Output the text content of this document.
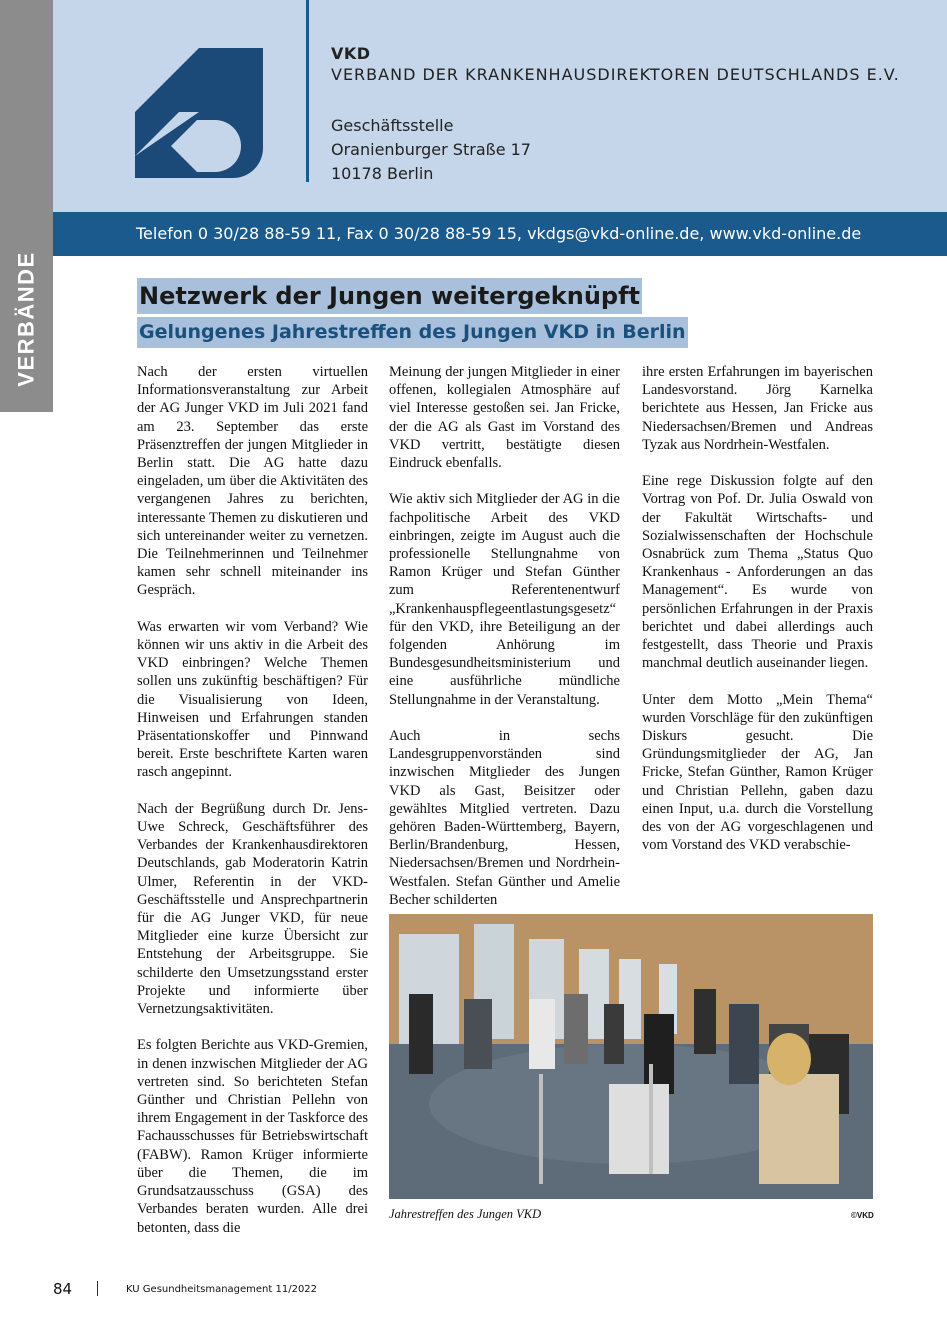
VERBÄNDE
VKD
VERBAND DER KRANKENHAUSDIREKTOREN DEUTSCHLANDS E.V.
Geschäftsstelle
Oranienburger Straße 17
10178 Berlin
Telefon 0 30/28 88-59 11, Fax 0 30/28 88-59 15, vkdgs@vkd-online.de, www.vkd-online.de
Netzwerk der Jungen weitergeknüpft
Gelungenes Jahrestreffen des Jungen VKD in Berlin

Nach der ersten virtuellen Informationsveranstaltung zur Arbeit der AG Junger VKD im Juli 2021 fand am 23. September das erste Präsenztreffen der jungen Mitglieder in Berlin statt. Die AG hatte dazu eingeladen, um über die Aktivitäten des vergangenen Jahres zu berichten, interessante Themen zu diskutieren und sich untereinander weiter zu vernetzen. Die Teilnehmerinnen und Teilnehmer kamen sehr schnell miteinander ins Gespräch.

Was erwarten wir vom Verband? Wie können wir uns aktiv in die Arbeit des VKD einbringen? Welche Themen sollen uns zukünftig beschäftigen? Für die Visualisierung von Ideen, Hinweisen und Erfahrungen standen Präsentationskoffer und Pinnwand bereit. Erste beschriftete Karten waren rasch angepinnt.

Nach der Begrüßung durch Dr. Jens-Uwe Schreck, Geschäftsführer des Verbandes der Krankenhausdirektoren Deutschlands, gab Moderatorin Katrin Ulmer, Referentin in der VKD-Geschäftsstelle und Ansprechpartnerin für die AG Junger VKD, für neue Mitglieder eine kurze Übersicht zur Entstehung der Arbeitsgruppe. Sie schilderte den Umsetzungsstand erster Projekte und informierte über Vernetzungsaktivitäten.

Es folgten Berichte aus VKD-Gremien, in denen inzwischen Mitglieder der AG vertreten sind. So berichteten Stefan Günther und Christian Pellehn von ihrem Engagement in der Taskforce des Fachausschusses für Betriebswirtschaft (FABW). Ramon Krüger informierte über die Themen, die im Grundsatzausschuss (GSA) des Verbandes beraten wurden. Alle drei betonten, dass die

Meinung der jungen Mitglieder in einer offenen, kollegialen Atmosphäre auf viel Interesse gestoßen sei. Jan Fricke, der die AG als Gast im Vorstand des VKD vertritt, bestätigte diesen Eindruck ebenfalls.

Wie aktiv sich Mitglieder der AG in die fachpolitische Arbeit des VKD einbringen, zeigte im August auch die professionelle Stellungnahme von Ramon Krüger und Stefan Günther zum Referentenentwurf „Krankenhauspflegeentlastungsgesetz“ für den VKD, ihre Beteiligung an der folgenden Anhörung im Bundesgesundheitsministerium und eine ausführliche mündliche Stellungnahme in der Veranstaltung.

Auch in sechs Landesgruppenvorständen sind inzwischen Mitglieder des Jungen VKD als Gast, Beisitzer oder gewähltes Mitglied vertreten. Dazu gehören Baden-Württemberg, Bayern, Berlin/Brandenburg, Hessen, Niedersachsen/Bremen und Nordrhein-Westfalen. Stefan Günther und Amelie Becher schilderten

ihre ersten Erfahrungen im bayerischen Landesvorstand. Jörg Karnelka berichtete aus Hessen, Jan Fricke aus Niedersachsen/Bremen und Andreas Tyzak aus Nordrhein-Westfalen.

Eine rege Diskussion folgte auf den Vortrag von Pof. Dr. Julia Oswald von der Fakultät Wirtschafts- und Sozialwissenschaften der Hochschule Osnabrück zum Thema „Status Quo Krankenhaus - Anforderungen an das Management“. Es wurde von persönlichen Erfahrungen in der Praxis berichtet und dabei allerdings auch festgestellt, dass Theorie und Praxis manchmal deutlich auseinander liegen.

Unter dem Motto „Mein Thema“ wurden Vorschläge für den zukünftigen Diskurs gesucht. Die Gründungsmitglieder der AG, Jan Fricke, Stefan Günther, Ramon Krüger und Christian Pellehn, gaben dazu einen Input, u.a. durch die Vorstellung des von der AG vorgeschlagenen und vom Vorstand des VKD verabschie-

Jahrestreffen des Jungen VKD	©VKD
84	KU Gesundheitsmanagement 11/2022
